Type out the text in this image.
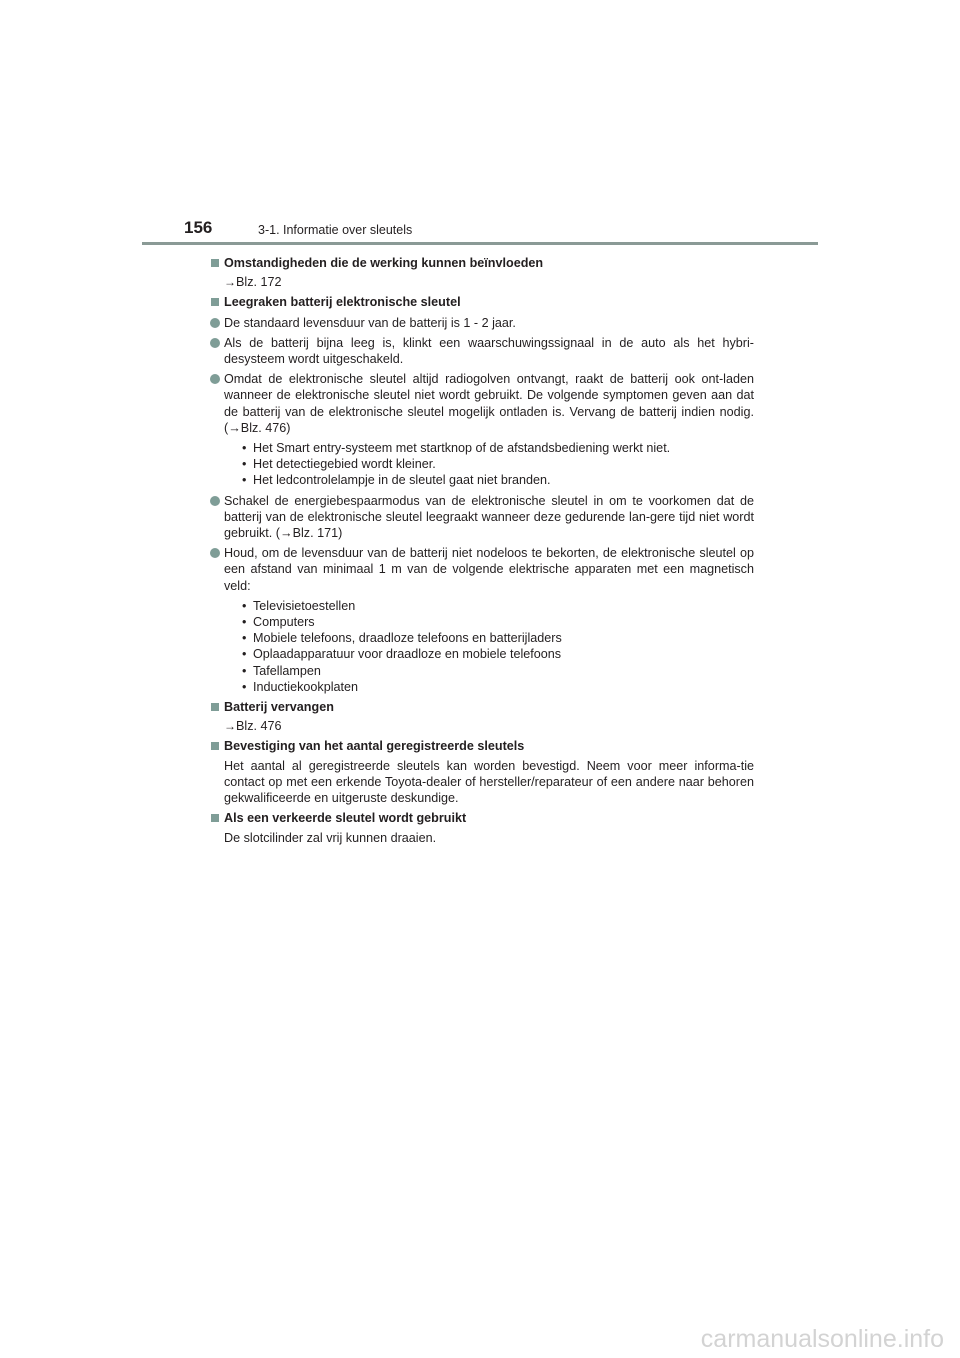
156	3-1. Informatie over sleutels
Omstandigheden die de werking kunnen beïnvloeden
→Blz. 172
Leegraken batterij elektronische sleutel
De standaard levensduur van de batterij is 1 - 2 jaar.
Als de batterij bijna leeg is, klinkt een waarschuwingssignaal in de auto als het hybri-desysteem wordt uitgeschakeld.
Omdat de elektronische sleutel altijd radiogolven ontvangt, raakt de batterij ook ont-laden wanneer de elektronische sleutel niet wordt gebruikt. De volgende symptomen geven aan dat de batterij van de elektronische sleutel mogelijk ontladen is. Vervang de batterij indien nodig. (→Blz. 476)
• Het Smart entry-systeem met startknop of de afstandsbediening werkt niet.
• Het detectiegebied wordt kleiner.
• Het ledcontrolelampje in de sleutel gaat niet branden.
Schakel de energiebespaarmodus van de elektronische sleutel in om te voorkomen dat de batterij van de elektronische sleutel leegraakt wanneer deze gedurende lan-gere tijd niet wordt gebruikt. (→Blz. 171)
Houd, om de levensduur van de batterij niet nodeloos te bekorten, de elektronische sleutel op een afstand van minimaal 1 m van de volgende elektrische apparaten met een magnetisch veld:
• Televisietoestellen
• Computers
• Mobiele telefoons, draadloze telefoons en batterijladers
• Oplaadapparatuur voor draadloze en mobiele telefoons
• Tafellampen
• Inductiekookplaten
Batterij vervangen
→Blz. 476
Bevestiging van het aantal geregistreerde sleutels
Het aantal al geregistreerde sleutels kan worden bevestigd. Neem voor meer informa-tie contact op met een erkende Toyota-dealer of hersteller/reparateur of een andere naar behoren gekwalificeerde en uitgeruste deskundige.
Als een verkeerde sleutel wordt gebruikt
De slotcilinder zal vrij kunnen draaien.
carmanualsonline.info
